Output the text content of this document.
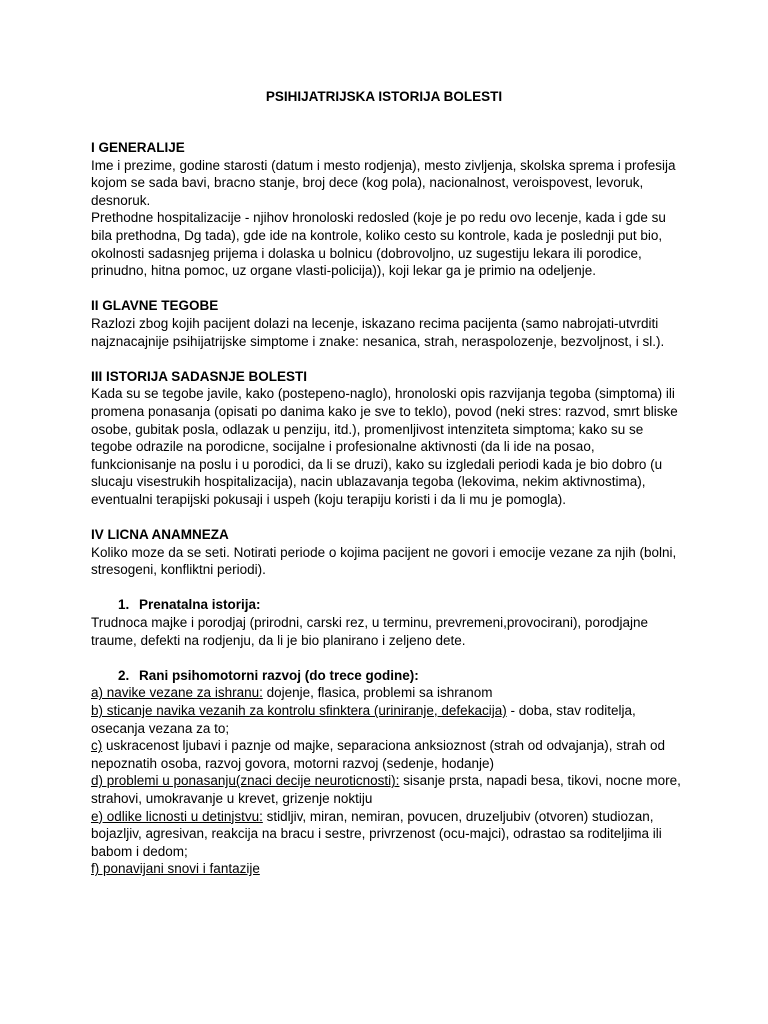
PSIHIJATRIJSKA ISTORIJA BOLESTI
I GENERALIJE

Ime i prezime, godine starosti (datum i mesto rodjenja), mesto zivljenja, skolska sprema i profesija kojom se sada bavi, bracno stanje, broj dece (kog pola), nacionalnost, veroispovest, levoruk, desnoruk.

Prethodne hospitalizacije - njihov hronoloski redosled (koje je po redu ovo lecenje, kada i gde su bila prethodna, Dg tada), gde ide na kontrole, koliko cesto su kontrole, kada je poslednji put bio, okolnosti sadasnjeg prijema i dolaska u bolnicu (dobrovoljno, uz sugestiju lekara ili porodice, prinudno, hitna pomoc, uz organe vlasti-policija)), koji lekar ga je primio na odeljenje.

II GLAVNE TEGOBE

Razlozi zbog kojih pacijent dolazi na lecenje, iskazano recima pacijenta (samo nabrojati-utvrditi najznacajnije psihijatrijske simptome i znake: nesanica, strah, neraspolozenje, bezvoljnost, i sl.).

III ISTORIJA SADASNJE BOLESTI

Kada su se tegobe javile, kako (postepeno-naglo), hronoloski opis razvijanja tegoba (simptoma) ili promena ponasanja (opisati po danima kako je sve to teklo), povod (neki stres: razvod, smrt bliske osobe, gubitak posla, odlazak u penziju, itd.), promenljivost intenziteta simptoma; kako su se tegobe odrazile na porodicne, socijalne i profesionalne aktivnosti (da li ide na posao, funkcionisanje na poslu i u porodici, da li se druzi), kako su izgledali periodi kada je bio dobro (u slucaju visestrukih hospitalizacija), nacin ublazavanja tegoba (lekovima, nekim aktivnostima), eventualni terapijski pokusaji i uspeh (koju terapiju koristi i da li mu je pomogla).

IV LICNA ANAMNEZA

Koliko moze da se seti. Notirati periode o kojima pacijent ne govori i emocije vezane za njih (bolni, stresogeni, konfliktni periodi).

1. Prenatalna istorija:

Trudnoca majke i porodjaj (prirodni, carski rez, u terminu, prevremeni,provocirani), porodjajne traume, defekti na rodjenju, da li je bio planirano i zeljeno dete.

2. Rani psihomotorni razvoj (do trece godine):

a) navike vezane za ishranu: dojenje, flasica, problemi sa ishranom

b) sticanje navika vezanih za kontrolu sfinktera (uriniranje, defekacija) - doba, stav roditelja, osecanja vezana za to;

c) uskracenost ljubavi i paznje od majke, separaciona anksioznost (strah od odvajanja), strah od nepoznatih osoba, razvoj govora, motorni razvoj (sedenje, hodanje)

d) problemi u ponasanju(znaci decije neuroticnosti): sisanje prsta, napadi besa, tikovi, nocne more, strahovi, umokravanje u krevet, grizenje noktiju

e) odlike licnosti u detinjstvu: stidljiv, miran, nemiran, povucen, druzeljubiv (otvoren) studiozan, bojazljiv, agresivan, reakcija na bracu i sestre, privrzenost (ocu-majci), odrastao sa roditeljima ili babom i dedom;

f) ponavijani snovi i fantazije
